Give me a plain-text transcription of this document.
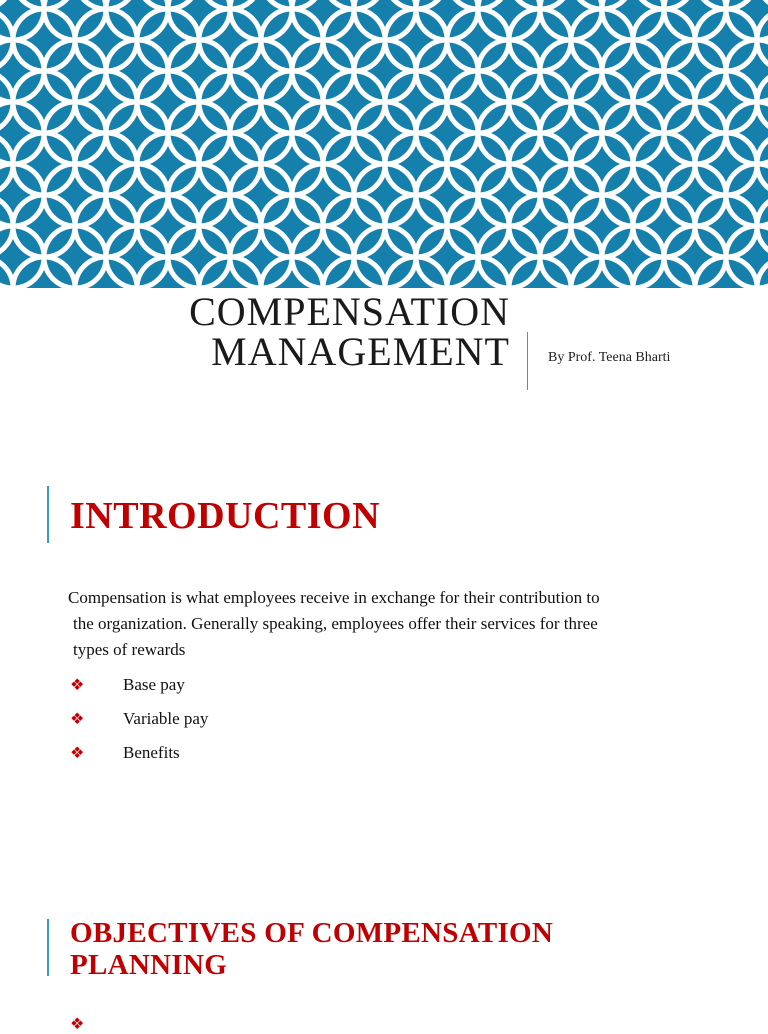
COMPENSATION
MANAGEMENT	By Prof. Teena Bharti
INTRODUCTION
Compensation is what employees receive in exchange for their contribution to
the organization. Generally speaking, employees offer their services for three
types of rewards
❖	Base pay
❖	Variable pay
❖	Benefits
OBJECTIVES OF COMPENSATION PLANNING
❖
